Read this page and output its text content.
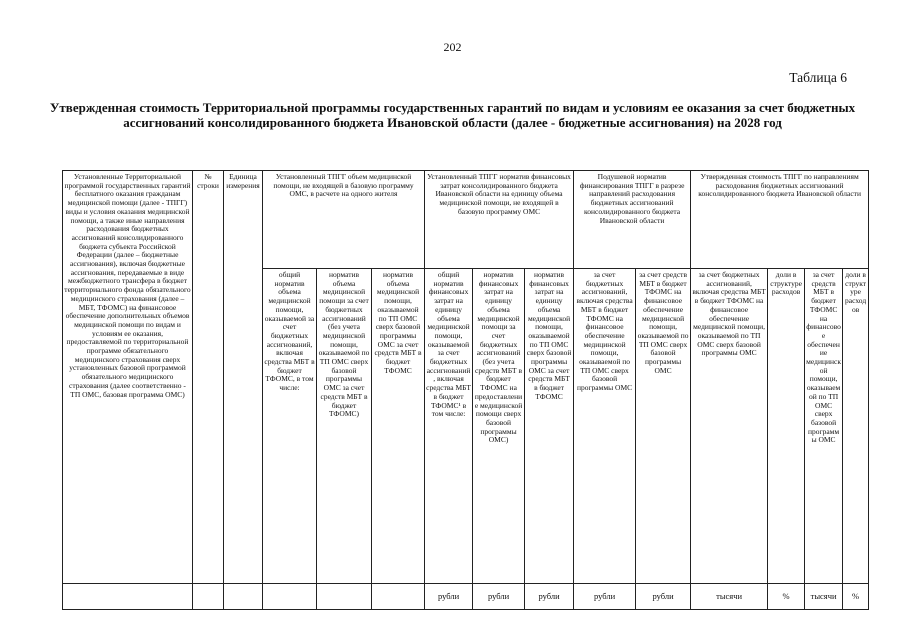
202
Таблица 6
Утвержденная стоимость Территориальной программы государственных гарантий по видам и условиям ее оказания за счет бюджетных ассигнований консолидированного бюджета Ивановской области (далее - бюджетные ассигнования) на 2028 год
Установленные Территориальной программой государственных гарантий бесплатного оказания гражданам медицинской помощи (далее - ТПГГ) виды и условия оказания медицинской помощи, а также иные направления расходования бюджетных ассигнований консолидированного бюджета субъекта Российской Федерации (далее – бюджетные ассигнования), включая бюджетные ассигнования, передаваемые в виде межбюджетного трансфера в бюджет территориального фонда обязательного медицинского страхования (далее – МБТ, ТФОМС) на финансовое обеспечение дополнительных объемов медицинской помощи по видам и условиям ее оказания, предоставляемой по территориальной программе обязательного медицинского страхования сверх установленных базовой программой обязательного медицинского страхования (далее соответственно - ТП ОМС, базовая программа ОМС)	№ строки	Единица измерения	Установленный ТПГГ объем медицинской помощи, не входящей в базовую программу ОМС, в расчете на одного жителя			Установленный ТПГГ норматив финансовых затрат консолидированного бюджета Ивановской области на единицу объема медицинской помощи, не входящей в базовую программу ОМС			Подушевой норматив финансирования ТПГГ в разрезе направлений расходования бюджетных ассигнований консолидированного бюджета Ивановской области		Утвержденная стоимость ТПГГ по направлениям расходования бюджетных ассигнований консолидированного бюджета Ивановской области			
			общий норматив объема медицинской помощи, оказываемой за счет бюджетных ассигнований, включая средства МБТ в бюджет ТФОМС, в том числе:	норматив объема медицинской помощи за счет бюджетных ассигнований (без учета медицинской помощи, оказываемой по ТП ОМС сверх базовой программы ОМС за счет средств МБТ в бюджет ТФОМС)	норматив объема медицинской помощи, оказываемой по ТП ОМС сверх базовой программы ОМС за счет средств МБТ в бюджет ТФОМС	общий норматив финансовых затрат на единицу объема медицинской помощи, оказываемой за счет бюджетных ассигнований, включая средства МБТ в бюджет ТФОМС¹ в том числе:	норматив финансовых затрат на единицу объема медицинской помощи за счет бюджетных ассигнований (без учета средств МБТ в бюджет ТФОМС на предоставление медицинской помощи сверх базовой программы ОМС)	норматив финансовых затрат на единицу объема медицинской помощи, оказываемой по ТП ОМС сверх базовой программы ОМС за счет средств МБТ в бюджет ТФОМС	за счет бюджетных ассигнований, включая средства МБТ в бюджет ТФОМС на финансовое обеспечение медицинской помощи, оказываемой по ТП ОМС сверх базовой программы ОМС	за счет средств МБТ в бюджет ТФОМС на финансовое обеспечение медицинской помощи, оказываемой по ТП ОМС сверх базовой программы ОМС	за счет бюджетных ассигнований, включая средства МБТ в бюджет ТФОМС на финансовое обеспечение медицинской помощи, оказываемой по ТП ОМС сверх базовой программы ОМС	доли в структуре расходов	за счет средств МБТ в бюджет ТФОМС на финансовое обеспечение медицинской помощи, оказываемой по ТП ОМС сверх базовой программы ОМС	доли в структуре расходов
						рубли	рубли	рубли	рубли	рубли	тысячи	%	тысячи	%
